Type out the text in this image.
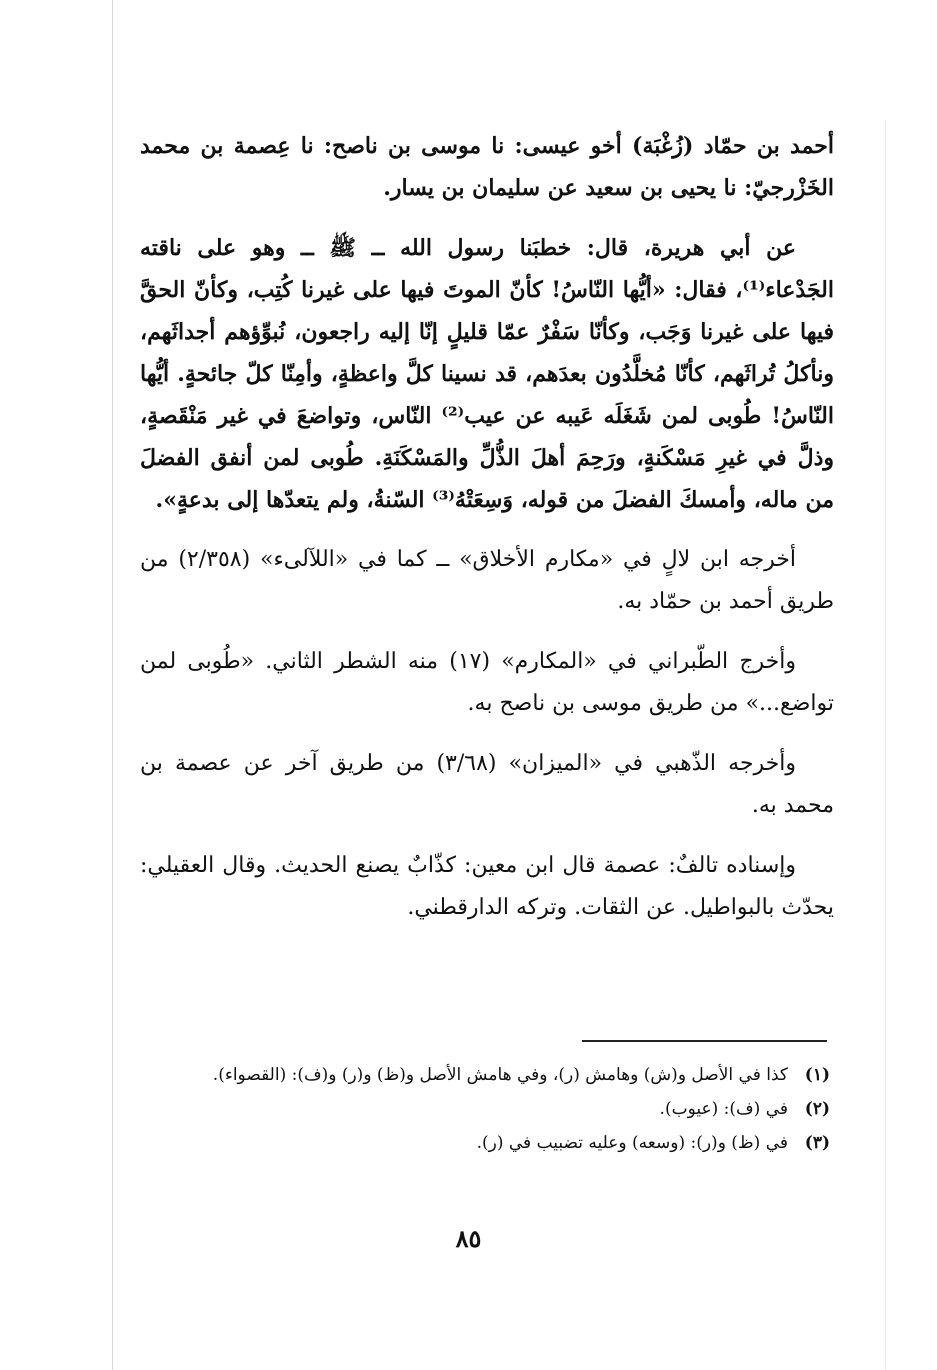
أحمد بن حمّاد (زُغْبَة) أخو عيسى: نا موسى بن ناصح: نا عِصمة بن محمد الخَزْرجيّ: نا يحيى بن سعيد عن سليمان بن يسار.

عن أبي هريرة، قال: خطبَنا رسول الله ــ ﷺ ــ وهو على ناقته الجَدْعاء⁽¹⁾، فقال: «أيُّها النّاسُ! كأنّ الموتَ فيها على غيرنا كُتِب، وكأنّ الحقَّ فيها على غيرنا وَجَب، وكأنّا سَفْرٌ عمّا قليلٍ إنّا إليه راجعون، نُبوِّؤهم أجداثَهم، ونأكلُ تُراثَهم، كأنّا مُخلَّدُون بعدَهم، قد نسينا كلَّ واعظةٍ، وأمِنّا كلّ جائحةٍ. أيُّها النّاسُ! طُوبى لمن شَغَلَه عَيبه عن عيب⁽²⁾ النّاس، وتواضعَ في غير مَنْقَصةٍ، وذلَّ في غيرِ مَسْكَنةٍ، ورَحِمَ أهلَ الذُّلِّ والمَسْكَنَةِ. طُوبى لمن أنفق الفضلَ من ماله، وأمسكَ الفضلَ من قوله، وَسِعَتْهُ⁽³⁾ السّنةُ، ولم يتعدّها إلى بدعةٍ».

أخرجه ابن لالٍ في «مكارم الأخلاق» ــ كما في «اللآلىء» (٢/٣٥٨) من طريق أحمد بن حمّاد به.

وأخرج الطّبراني في «المكارم» (١٧) منه الشطر الثاني. «طُوبى لمن تواضع...» من طريق موسى بن ناصح به.

وأخرجه الذّهبي في «الميزان» (٣/٦٨) من طريق آخر عن عصمة بن محمد به.

وإسناده تالفٌ: عصمة قال ابن معين: كذّابٌ يصنع الحديث. وقال العقيلي: يحدّث بالبواطيل. عن الثقات. وتركه الدارقطني.

(١)
كذا في الأصل و(ش) وهامش (ر)، وفي هامش الأصل و(ظ) و(ر) و(ف): (القصواء).
(٢)
في (ف): (عيوب).
(٣)
في (ظ) و(ر): (وسعه) وعليه تضبيب في (ر).
٨٥
